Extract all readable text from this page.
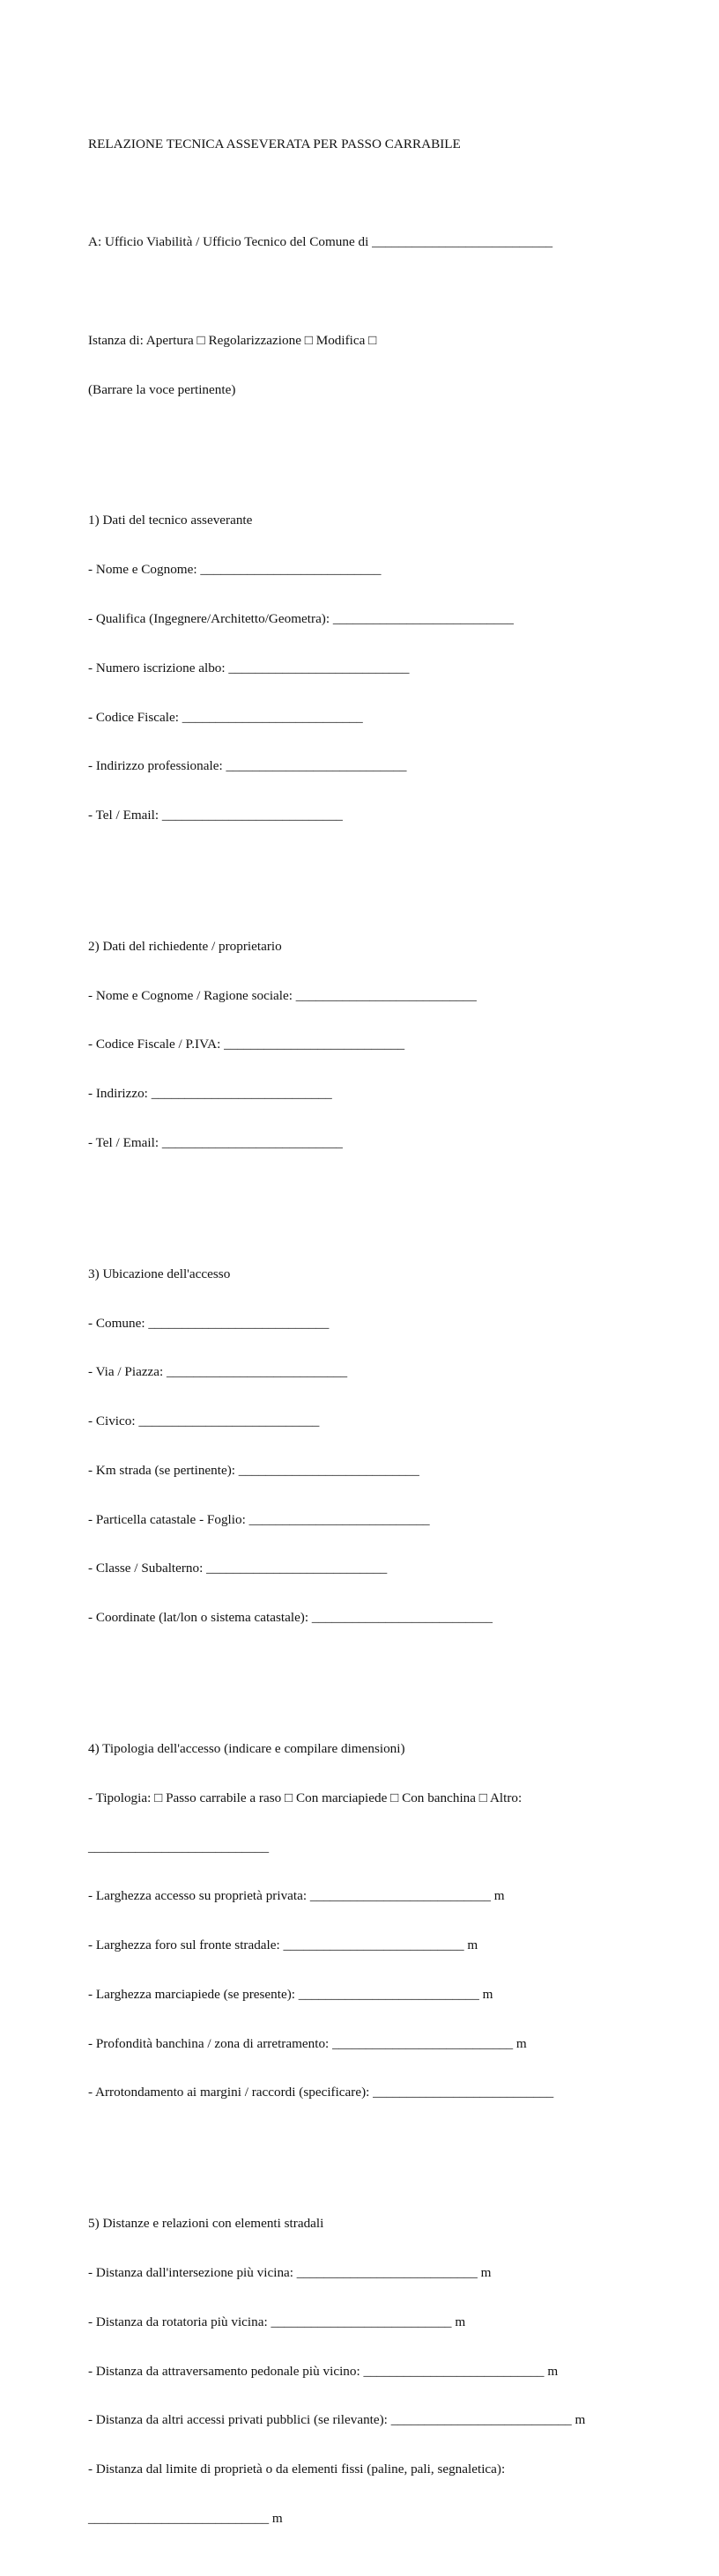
RELAZIONE TECNICA ASSEVERATA PER PASSO CARRABILE

A: Ufficio Viabilità / Ufficio Tecnico del Comune di ___________________________

Istanza di: Apertura □ Regolarizzazione □ Modifica □

(Barrare la voce pertinente)

1) Dati del tecnico asseverante

- Nome e Cognome: ___________________________

- Qualifica (Ingegnere/Architetto/Geometra): ___________________________

- Numero iscrizione albo: ___________________________

- Codice Fiscale: ___________________________

- Indirizzo professionale: ___________________________

- Tel / Email: ___________________________

2) Dati del richiedente / proprietario

- Nome e Cognome / Ragione sociale: ___________________________

- Codice Fiscale / P.IVA: ___________________________

- Indirizzo: ___________________________

- Tel / Email: ___________________________

3) Ubicazione dell'accesso

- Comune: ___________________________

- Via / Piazza: ___________________________

- Civico: ___________________________

- Km strada (se pertinente): ___________________________

- Particella catastale - Foglio: ___________________________

- Classe / Subalterno: ___________________________

- Coordinate (lat/lon o sistema catastale): ___________________________

4) Tipologia dell'accesso (indicare e compilare dimensioni)

- Tipologia: □ Passo carrabile a raso □ Con marciapiede □ Con banchina □ Altro:

___________________________

- Larghezza accesso su proprietà privata: ___________________________ m

- Larghezza foro sul fronte stradale: ___________________________ m

- Larghezza marciapiede (se presente): ___________________________ m

- Profondità banchina / zona di arretramento: ___________________________ m

- Arrotondamento ai margini / raccordi (specificare): ___________________________

5) Distanze e relazioni con elementi stradali

- Distanza dall'intersezione più vicina: ___________________________ m

- Distanza da rotatoria più vicina: ___________________________ m

- Distanza da attraversamento pedonale più vicino: ___________________________ m

- Distanza da altri accessi privati pubblici (se rilevante): ___________________________ m

- Distanza dal limite di proprietà o da elementi fissi (paline, pali, segnaletica):

___________________________ m
